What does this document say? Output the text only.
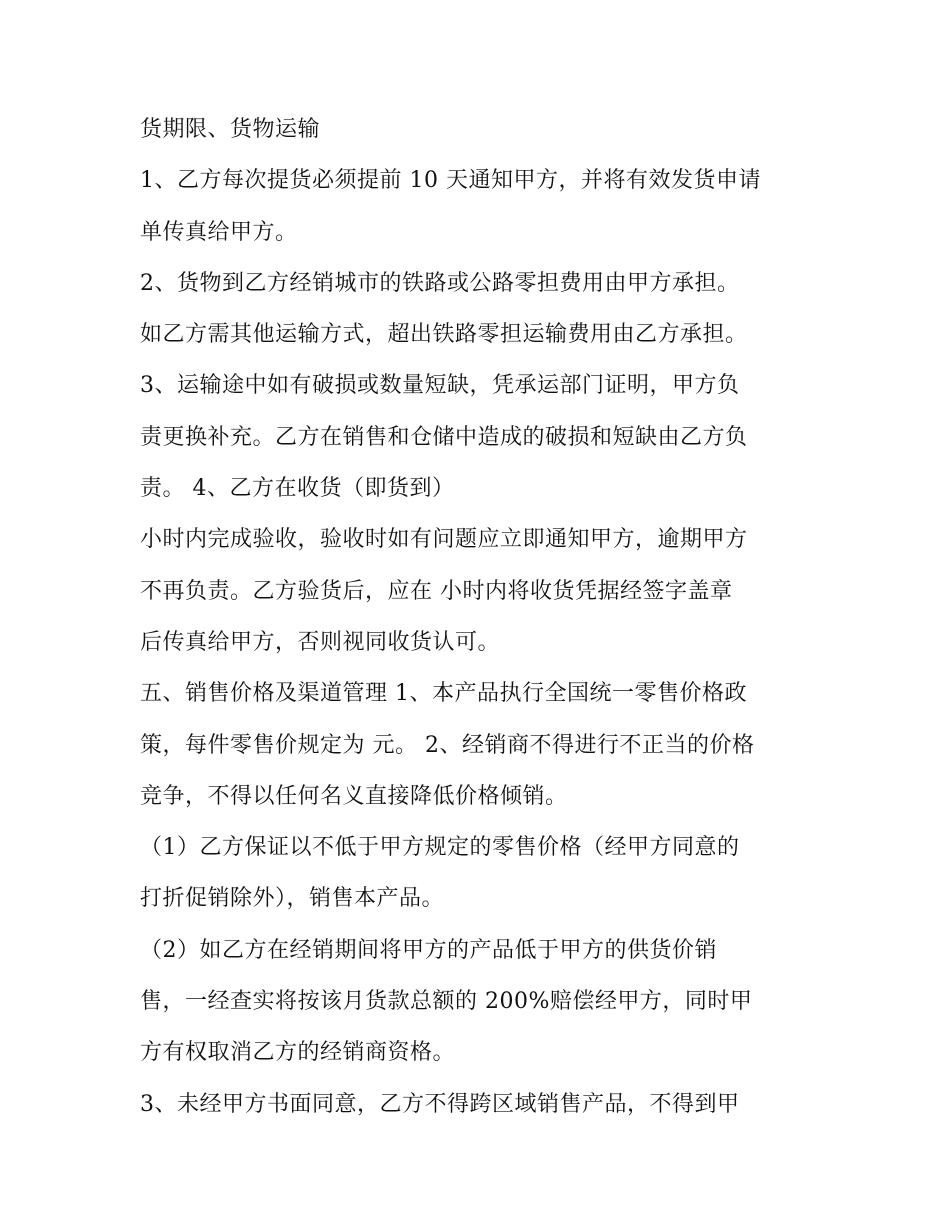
货期限、货物运输
1、乙方每次提货必须提前 10 天通知甲方，并将有效发货申请
单传真给甲方。
2、货物到乙方经销城市的铁路或公路零担费用由甲方承担。
如乙方需其他运输方式，超出铁路零担运输费用由乙方承担。
3、运输途中如有破损或数量短缺，凭承运部门证明，甲方负
责更换补充。乙方在销售和仓储中造成的破损和短缺由乙方负
责。 4、乙方在收货（即货到）
小时内完成验收，验收时如有问题应立即通知甲方，逾期甲方
不再负责。乙方验货后，应在 小时内将收货凭据经签字盖章
后传真给甲方，否则视同收货认可。
五、销售价格及渠道管理 1、本产品执行全国统一零售价格政
策，每件零售价规定为 元。 2、经销商不得进行不正当的价格
竞争，不得以任何名义直接降低价格倾销。
（1）乙方保证以不低于甲方规定的零售价格（经甲方同意的
打折促销除外），销售本产品。
（2）如乙方在经销期间将甲方的产品低于甲方的供货价销
售，一经查实将按该月货款总额的 200%赔偿经甲方，同时甲
方有权取消乙方的经销商资格。
3、未经甲方书面同意，乙方不得跨区域销售产品，不得到甲
